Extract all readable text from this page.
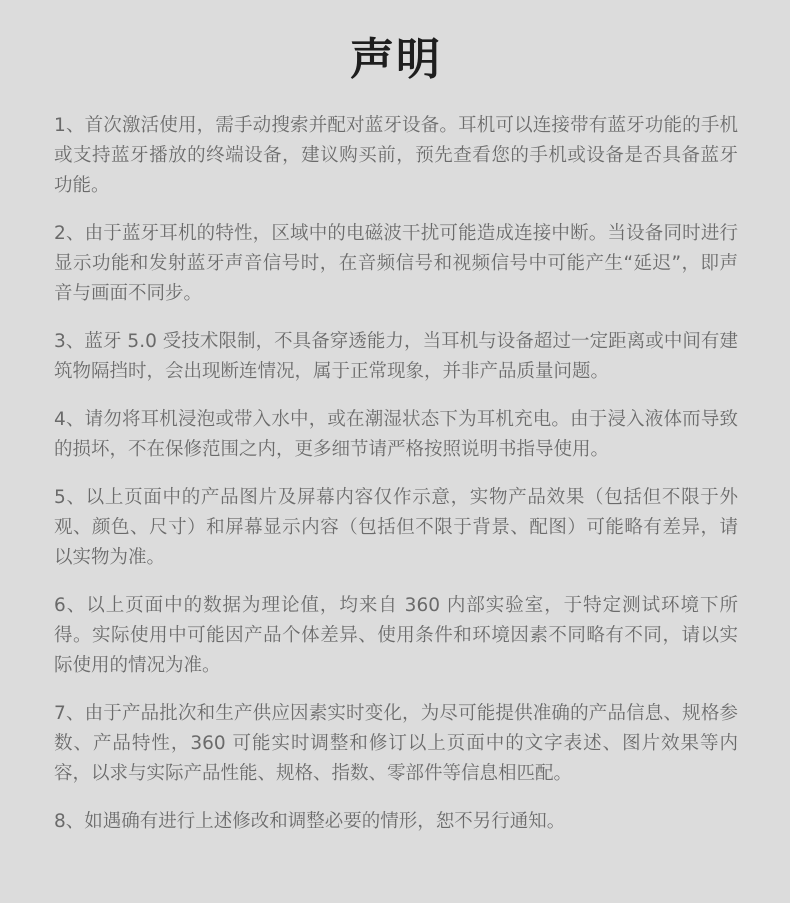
声明

1、首次激活使用，需手动搜索并配对蓝牙设备。耳机可以连接带有蓝牙功能的手机或支持蓝牙播放的终端设备，建议购买前，预先查看您的手机或设备是否具备蓝牙功能。

2、由于蓝牙耳机的特性，区域中的电磁波干扰可能造成连接中断。当设备同时进行显示功能和发射蓝牙声音信号时，在音频信号和视频信号中可能产生“延迟”，即声音与画面不同步。

3、蓝牙 5.0 受技术限制，不具备穿透能力，当耳机与设备超过一定距离或中间有建筑物隔挡时，会出现断连情况，属于正常现象，并非产品质量问题。

4、请勿将耳机浸泡或带入水中，或在潮湿状态下为耳机充电。由于浸入液体而导致的损坏，不在保修范围之内，更多细节请严格按照说明书指导使用。

5、以上页面中的产品图片及屏幕内容仅作示意，实物产品效果（包括但不限于外观、颜色、尺寸）和屏幕显示内容（包括但不限于背景、配图）可能略有差异，请以实物为准。

6、以上页面中的数据为理论值，均来自 360 内部实验室，于特定测试环境下所得。实际使用中可能因产品个体差异、使用条件和环境因素不同略有不同，请以实际使用的情况为准。

7、由于产品批次和生产供应因素实时变化，为尽可能提供准确的产品信息、规格参数、产品特性，360 可能实时调整和修订以上页面中的文字表述、图片效果等内容，以求与实际产品性能、规格、指数、零部件等信息相匹配。

8、如遇确有进行上述修改和调整必要的情形，恕不另行通知。
